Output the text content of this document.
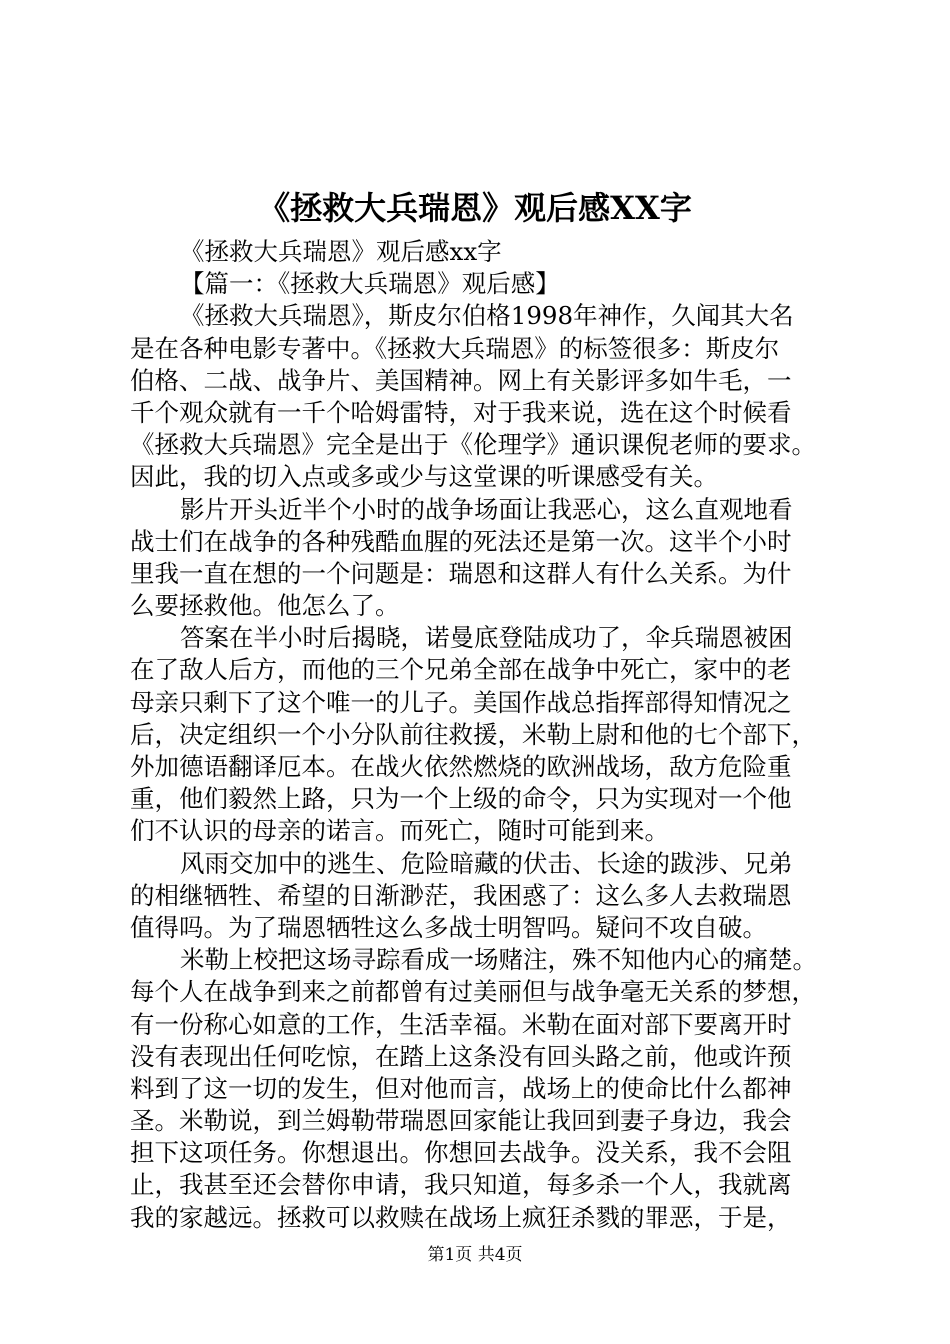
《拯救大兵瑞恩》观后感XX字
《拯救大兵瑞恩》观后感xx字
【篇一：《拯救大兵瑞恩》观后感】
《拯救大兵瑞恩》，斯皮尔伯格1998年神作，久闻其大名
是在各种电影专著中。《拯救大兵瑞恩》的标签很多：斯皮尔
伯格、二战、战争片、美国精神。网上有关影评多如牛毛，一
千个观众就有一千个哈姆雷特，对于我来说，选在这个时候看
《拯救大兵瑞恩》完全是出于《伦理学》通识课倪老师的要求。
因此，我的切入点或多或少与这堂课的听课感受有关。
影片开头近半个小时的战争场面让我恶心，这么直观地看
战士们在战争的各种残酷血腥的死法还是第一次。这半个小时
里我一直在想的一个问题是：瑞恩和这群人有什么关系。为什
么要拯救他。他怎么了。
答案在半小时后揭晓，诺曼底登陆成功了，伞兵瑞恩被困
在了敌人后方，而他的三个兄弟全部在战争中死亡，家中的老
母亲只剩下了这个唯一的儿子。美国作战总指挥部得知情况之
后，决定组织一个小分队前往救援，米勒上尉和他的七个部下，
外加德语翻译厄本。在战火依然燃烧的欧洲战场，敌方危险重
重，他们毅然上路，只为一个上级的命令，只为实现对一个他
们不认识的母亲的诺言。而死亡，随时可能到来。
风雨交加中的逃生、危险暗藏的伏击、长途的跋涉、兄弟
的相继牺牲、希望的日渐渺茫，我困惑了：这么多人去救瑞恩
值得吗。为了瑞恩牺牲这么多战士明智吗。疑问不攻自破。
米勒上校把这场寻踪看成一场赌注，殊不知他内心的痛楚。
每个人在战争到来之前都曾有过美丽但与战争毫无关系的梦想，
有一份称心如意的工作，生活幸福。米勒在面对部下要离开时
没有表现出任何吃惊，在踏上这条没有回头路之前，他或许预
料到了这一切的发生，但对他而言，战场上的使命比什么都神
圣。米勒说，到兰姆勒带瑞恩回家能让我回到妻子身边，我会
担下这项任务。你想退出。你想回去战争。没关系，我不会阻
止，我甚至还会替你申请，我只知道，每多杀一个人，我就离
我的家越远。拯救可以救赎在战场上疯狂杀戮的罪恶，于是，
第1页 共4页
